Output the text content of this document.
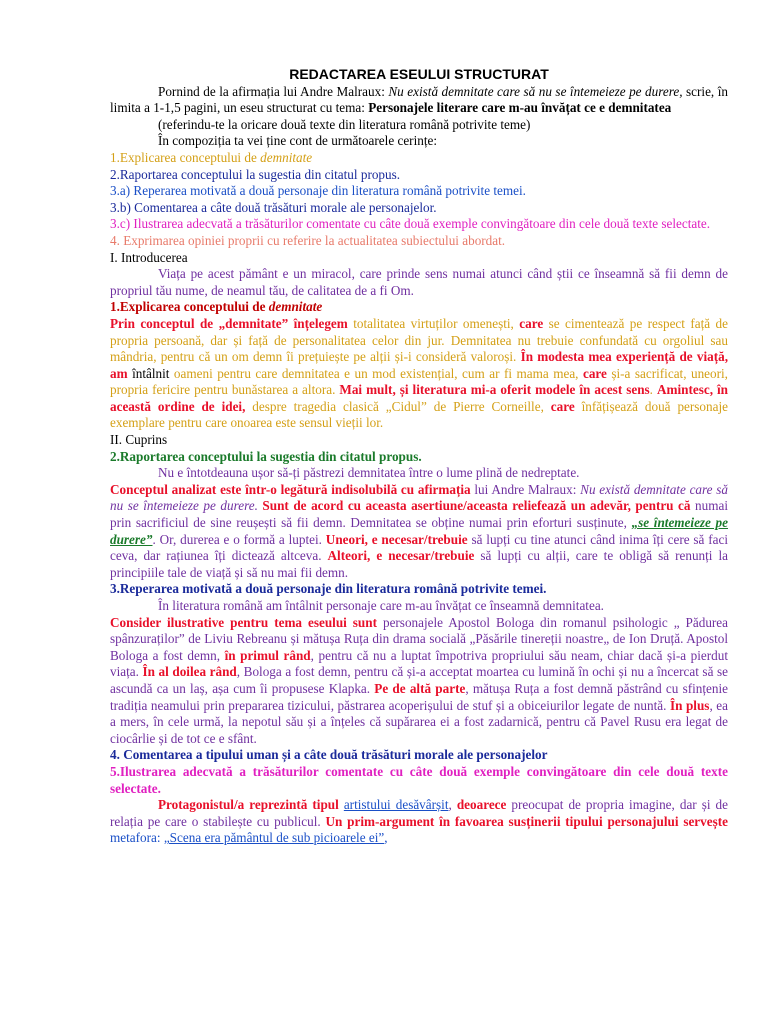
REDACTAREA ESEULUI STRUCTURAT

Pornind de la afirmația lui Andre Malraux: Nu există demnitate care să nu se întemeieze pe durere, scrie, în limita a 1-1,5 pagini, un eseu structurat cu tema: Personajele literare care m-au învățat ce e demnitatea

(referindu-te la oricare două texte din literatura română potrivite teme)

În compoziția ta vei ține cont de următoarele cerințe:

1.Explicarea conceptului de demnitate

2.Raportarea conceptului la sugestia din citatul propus.

3.a) Reperarea motivată a două personaje din literatura română potrivite temei.

3.b) Comentarea a câte două trăsături morale ale personajelor.

3.c) Ilustrarea adecvată a trăsăturilor comentate cu câte două exemple convingătoare din cele două texte selectate.

4. Exprimarea opiniei proprii cu referire la actualitatea subiectului abordat.

I. Introducerea

Viața pe acest pământ e un miracol, care prinde sens numai atunci când știi ce înseamnă să fii demn de propriul tău nume, de neamul tău, de calitatea de a fi Om.

1.Explicarea conceptului de demnitate

Prin conceptul de „demnitate” înțelegem totalitatea virtuților omenești, care se cimentează pe respect față de propria persoană, dar și față de personalitatea celor din jur. Demnitatea nu trebuie confundată cu orgoliul sau mândria, pentru că un om demn îi prețuiește pe alții și-i consideră valoroși. În modesta mea experiență de viață, am întâlnit oameni pentru care demnitatea e un mod existențial, cum ar fi mama mea, care și-a sacrificat, uneori, propria fericire pentru bunăstarea a altora. Mai mult, și literatura mi-a oferit modele în acest sens. Amintesc, în această ordine de idei, despre tragedia clasică „Cidul” de Pierre Corneille, care înfățișează două personaje exemplare pentru care onoarea este sensul vieții lor.

II. Cuprins

2.Raportarea conceptului la sugestia din citatul propus.

Nu e întotdeauna ușor să-ți păstrezi demnitatea între o lume plină de nedreptate.

Conceptul analizat este într-o legătură indisolubilă cu afirmația lui Andre Malraux: Nu există demnitate care să nu se întemeieze pe durere. Sunt de acord cu aceasta asertiune/aceasta reliefează un adevăr, pentru că numai prin sacrificiul de sine reușești să fii demn. Demnitatea se obține numai prin eforturi susținute, „se întemeieze pe durere”. Or, durerea e o formă a luptei. Uneori, e necesar/trebuie să lupți cu tine atunci când inima îți cere să faci ceva, dar rațiunea îți dictează altceva. Alteori, e necesar/trebuie să lupți cu alții, care te obligă să renunți la principiile tale de viață și să nu mai fii demn.

3.Reperarea motivată a două personaje din literatura română potrivite temei.

În literatura română am întâlnit personaje care m-au învățat ce înseamnă demnitatea.

Consider ilustrative pentru tema eseului sunt personajele Apostol Bologa din romanul psihologic „ Pădurea spânzuraților” de Liviu Rebreanu și mătușa Ruța din drama socială „Păsările tinereții noastre„ de Ion Druță. Apostol Bologa a fost demn, în primul rând, pentru că nu a luptat împotriva propriului său neam, chiar dacă și-a pierdut viața. În al doilea rând, Bologa a fost demn, pentru că și-a acceptat moartea cu lumină în ochi și nu a încercat să se ascundă ca un laș, așa cum îi propusese Klapka. Pe de altă parte, mătușa Ruța a fost demnă păstrând cu sfințenie tradiția neamului prin prepararea tizicului, păstrarea acoperișului de stuf și a obiceiurilor legate de nuntă. În plus, ea a mers, în cele urmă, la nepotul său și a înțeles că supărarea ei a fost zadarnică, pentru că Pavel Rusu era legat de ciocârlie și de tot ce e sfânt.

4. Comentarea a tipului uman și a câte două trăsături morale ale personajelor

5.Ilustrarea adecvată a trăsăturilor comentate cu câte două exemple convingătoare din cele două texte selectate.

Protagonistul/a reprezintă tipul artistului desăvârșit, deoarece preocupat de propria imagine, dar și de relația pe care o stabilește cu publicul. Un prim-argument în favoarea susținerii tipului personajului servește metafora: „Scena era pământul de sub picioarele ei”,
